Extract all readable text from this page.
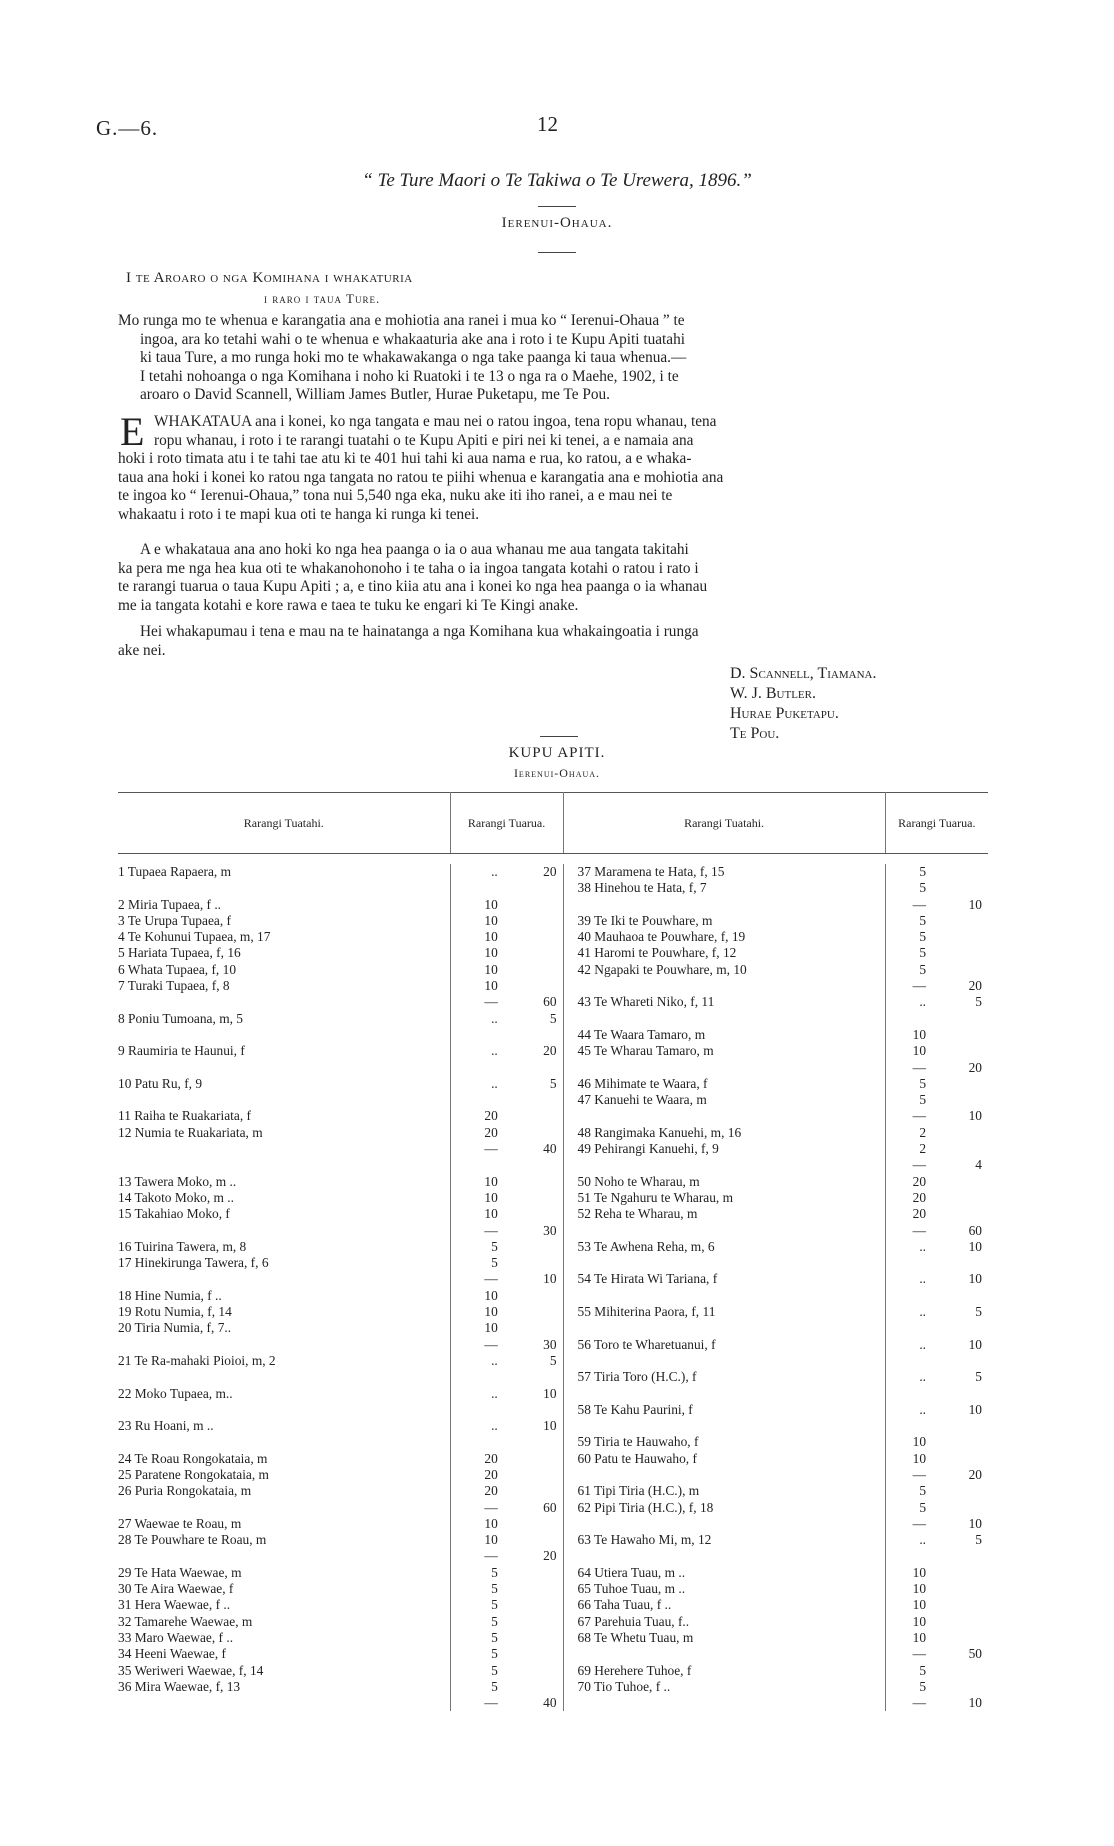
G.—6.	12
“ Te Ture Maori o Te Takiwa o Te Urewera, 1896.”
Ierenui-Ohaua.
I te Aroaro o nga Komihana i whakaturia
i raro i taua Ture.
Mo runga mo te whenua e karangatia ana e mohiotia ana ranei i mua ko “ Ierenui-Ohaua ” te
ingoa, ara ko tetahi wahi o te whenua e whakaaturia ake ana i roto i te Kupu Apiti tuatahi
ki taua Ture, a mo runga hoki mo te whakawakanga o nga take paanga ki taua whenua.—
I tetahi nohoanga o nga Komihana i noho ki Ruatoki i te 13 o nga ra o Maehe, 1902, i te
aroaro o David Scannell, William James Butler, Hurae Puketapu, me Te Pou.
E WHAKATAUA ana i konei, ko nga tangata e mau nei o ratou ingoa, tena ropu whanau, tena
ropu whanau, i roto i te rarangi tuatahi o te Kupu Apiti e piri nei ki tenei, a e namaia ana
hoki i roto timata atu i te tahi tae atu ki te 401 hui tahi ki aua nama e rua, ko ratou, a e whaka-
taua ana hoki i konei ko ratou nga tangata no ratou te piihi whenua e karangatia ana e mohiotia ana
te ingoa ko “ Ierenui-Ohaua,” tona nui 5,540 nga eka, nuku ake iti iho ranei, a e mau nei te
whakaatu i roto i te mapi kua oti te hanga ki runga ki tenei.
A e whakataua ana ano hoki ko nga hea paanga o ia o aua whanau me aua tangata takitahi
ka pera me nga hea kua oti te whakanohonoho i te taha o ia ingoa tangata kotahi o ratou i rato i
te rarangi tuarua o taua Kupu Apiti ; a, e tino kiia atu ana i konei ko nga hea paanga o ia whanau
me ia tangata kotahi e kore rawa e taea te tuku ke engari ki Te Kingi anake.
Hei whakapumau i tena e mau na te hainatanga a nga Komihana kua whakaingoatia i runga
ake nei.
D. Scannell, Tiamana.
W. J. Butler.
Hurae Puketapu.
Te Pou.
KUPU APITI.
Ierenui-Ohaua.
Rarangi Tuatahi.		Rarangi Tuarua.		Rarangi Tuatahi.		Rarangi Tuarua.	

1 Tupaea Rapaera, m		..	20	37 Maramena te Hata, f, 15		5	
				38 Hinehou te Hata, f, 7		5	
2 Miria Tupaea, f ..		10				—	10
3 Te Urupa Tupaea, f		10		39 Te Iki te Pouwhare, m		5	
4 Te Kohunui Tupaea, m, 17		10		40 Mauhaoa te Pouwhare, f, 19		5	
5 Hariata Tupaea, f, 16		10		41 Haromi te Pouwhare, f, 12		5	
6 Whata Tupaea, f, 10		10		42 Ngapaki te Pouwhare, m, 10		5	
7 Turaki Tupaea, f, 8		10				—	20
		—	60	43 Te Whareti Niko, f, 11		..	5
8 Poniu Tumoana, m, 5		..	5				
				44 Te Waara Tamaro, m		10	
9 Raumiria te Haunui, f		..	20	45 Te Wharau Tamaro, m		10	
						—	20
10 Patu Ru, f, 9		..	5	46 Mihimate te Waara, f		5	
				47 Kanuehi te Waara, m		5	
11 Raiha te Ruakariata, f		20				—	10
12 Numia te Ruakariata, m		20		48 Rangimaka Kanuehi, m, 16		2	
		—	40	49 Pehirangi Kanuehi, f, 9		2	
						—	4
13 Tawera Moko, m ..		10		50 Noho te Wharau, m		20	
14 Takoto Moko, m ..		10		51 Te Ngahuru te Wharau, m		20	
15 Takahiao Moko, f		10		52 Reha te Wharau, m		20	
		—	30			—	60
16 Tuirina Tawera, m, 8		5		53 Te Awhena Reha, m, 6		..	10
17 Hinekirunga Tawera, f, 6		5					
		—	10	54 Te Hirata Wi Tariana, f		..	10
18 Hine Numia, f ..		10					
19 Rotu Numia, f, 14		10		55 Mihiterina Paora, f, 11		..	5
20 Tiria Numia, f, 7..		10					
		—	30	56 Toro te Wharetuanui, f		..	10
21 Te Ra-mahaki Pioioi, m, 2		..	5				
				57 Tiria Toro (H.C.), f		..	5
22 Moko Tupaea, m..		..	10				
				58 Te Kahu Paurini, f		..	10
23 Ru Hoani, m ..		..	10				
				59 Tiria te Hauwaho, f		10	
24 Te Roau Rongokataia, m		20		60 Patu te Hauwaho, f		10	
25 Paratene Rongokataia, m		20				—	20
26 Puria Rongokataia, m		20		61 Tipi Tiria (H.C.), m		5	
		—	60	62 Pipi Tiria (H.C.), f, 18		5	
27 Waewae te Roau, m		10				—	10
28 Te Pouwhare te Roau, m		10		63 Te Hawaho Mi, m, 12		..	5
		—	20				
29 Te Hata Waewae, m		5		64 Utiera Tuau, m ..		10	
30 Te Aira Waewae, f		5		65 Tuhoe Tuau, m ..		10	
31 Hera Waewae, f ..		5		66 Taha Tuau, f ..		10	
32 Tamarehe Waewae, m		5		67 Parehuia Tuau, f..		10	
33 Maro Waewae, f ..		5		68 Te Whetu Tuau, m		10	
34 Heeni Waewae, f		5				—	50
35 Weriweri Waewae, f, 14		5		69 Herehere Tuhoe, f		5	
36 Mira Waewae, f, 13		5		70 Tio Tuhoe, f ..		5	
		—	40			—	10
